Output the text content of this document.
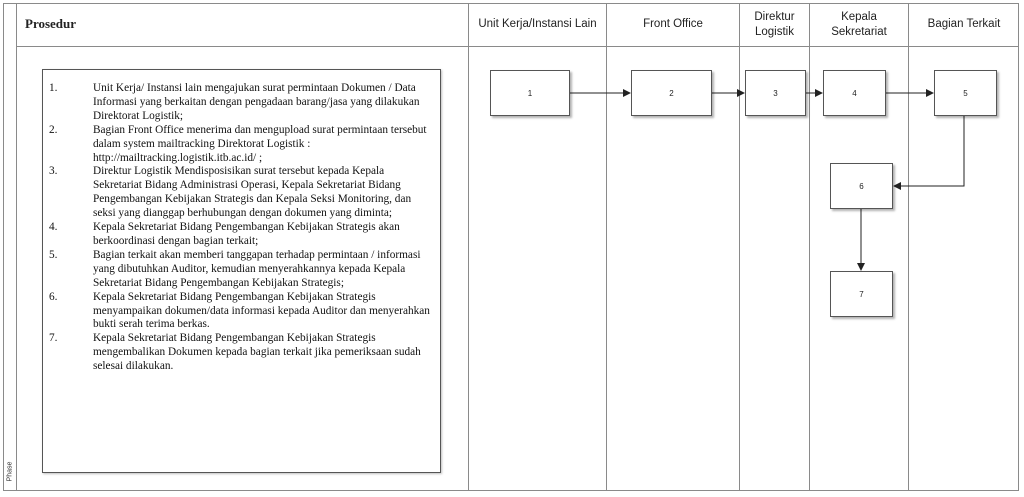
Phase
Prosedur	Unit Kerja/Instansi Lain	Front Office
Direktur
Logistik
Kepala
Sekretariat
Bagian Terkait
1.	Unit Kerja/ Instansi lain mengajukan surat permintaan Dokumen / Data Informasi yang berkaitan dengan pengadaan barang/jasa yang dilakukan Direktorat Logistik;
2.	Bagian Front Office menerima dan mengupload surat permintaan tersebut dalam system mailtracking Direktorat Logistik : http://mailtracking.logistik.itb.ac.id/ ;
3.	Direktur Logistik Mendisposisikan surat tersebut kepada Kepala Sekretariat Bidang Administrasi Operasi, Kepala Sekretariat Bidang Pengembangan Kebijakan Strategis dan Kepala Seksi Monitoring, dan seksi yang dianggap berhubungan dengan dokumen yang diminta;
4.	Kepala Sekretariat Bidang Pengembangan Kebijakan Strategis akan berkoordinasi dengan bagian terkait;
5.	Bagian terkait akan memberi tanggapan terhadap permintaan / informasi yang dibutuhkan Auditor, kemudian menyerahkannya kepada Kepala Sekretariat Bidang Pengembangan Kebijakan Strategis;
6.	Kepala Sekretariat Bidang Pengembangan Kebijakan Strategis menyampaikan dokumen/data informasi kepada Auditor dan menyerahkan bukti serah terima berkas.
7.	Kepala Sekretariat Bidang Pengembangan Kebijakan Strategis mengembalikan Dokumen kepada bagian terkait jika pemeriksaan sudah selesai dilakukan.
1	2	3	4	5
6
7
